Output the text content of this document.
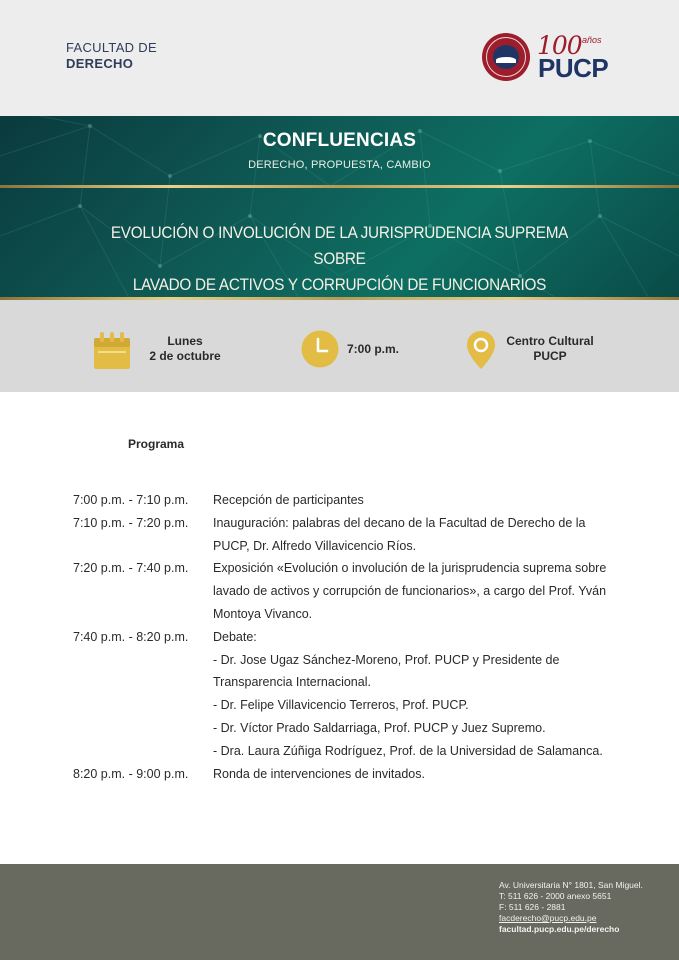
FACULTAD DE
DERECHO
100 años
PUCP
CONFLUENCIAS
DERECHO, PROPUESTA, CAMBIO
EVOLUCIÓN O INVOLUCIÓN DE LA JURISPRUDENCIA SUPREMA SOBRE
LAVADO DE ACTIVOS Y CORRUPCIÓN DE FUNCIONARIOS
Lunes
2 de octubre	7:00 p.m.
Centro Cultural
PUCP
Programa
7:00 p.m. - 7:10 p.m.	Recepción de participantes
7:10 p.m. - 7:20 p.m.	Inauguración: palabras del decano de la Facultad de Derecho de la
PUCP, Dr. Alfredo Villavicencio Ríos.
7:20 p.m. - 7:40 p.m.	Exposición «Evolución o involución de la jurisprudencia suprema sobre
lavado de activos y corrupción de funcionarios», a cargo del Prof. Yván
Montoya Vivanco.
7:40 p.m. - 8:20 p.m.	Debate:
- Dr. Jose Ugaz Sánchez-Moreno, Prof. PUCP y Presidente de
Transparencia Internacional.
- Dr. Felipe Villavicencio Terreros, Prof. PUCP.
- Dr. Víctor Prado Saldarriaga, Prof. PUCP y Juez Supremo.
- Dra. Laura Zúñiga Rodríguez, Prof. de la Universidad de Salamanca.
8:20 p.m. - 9:00 p.m.	Ronda de intervenciones de invitados.
Av. Universitaria N° 1801, San Miguel.
T: 511 626 - 2000 anexo 5651
F: 511 626 - 2881
facderecho@pucp.edu.pe
facultad.pucp.edu.pe/derecho
